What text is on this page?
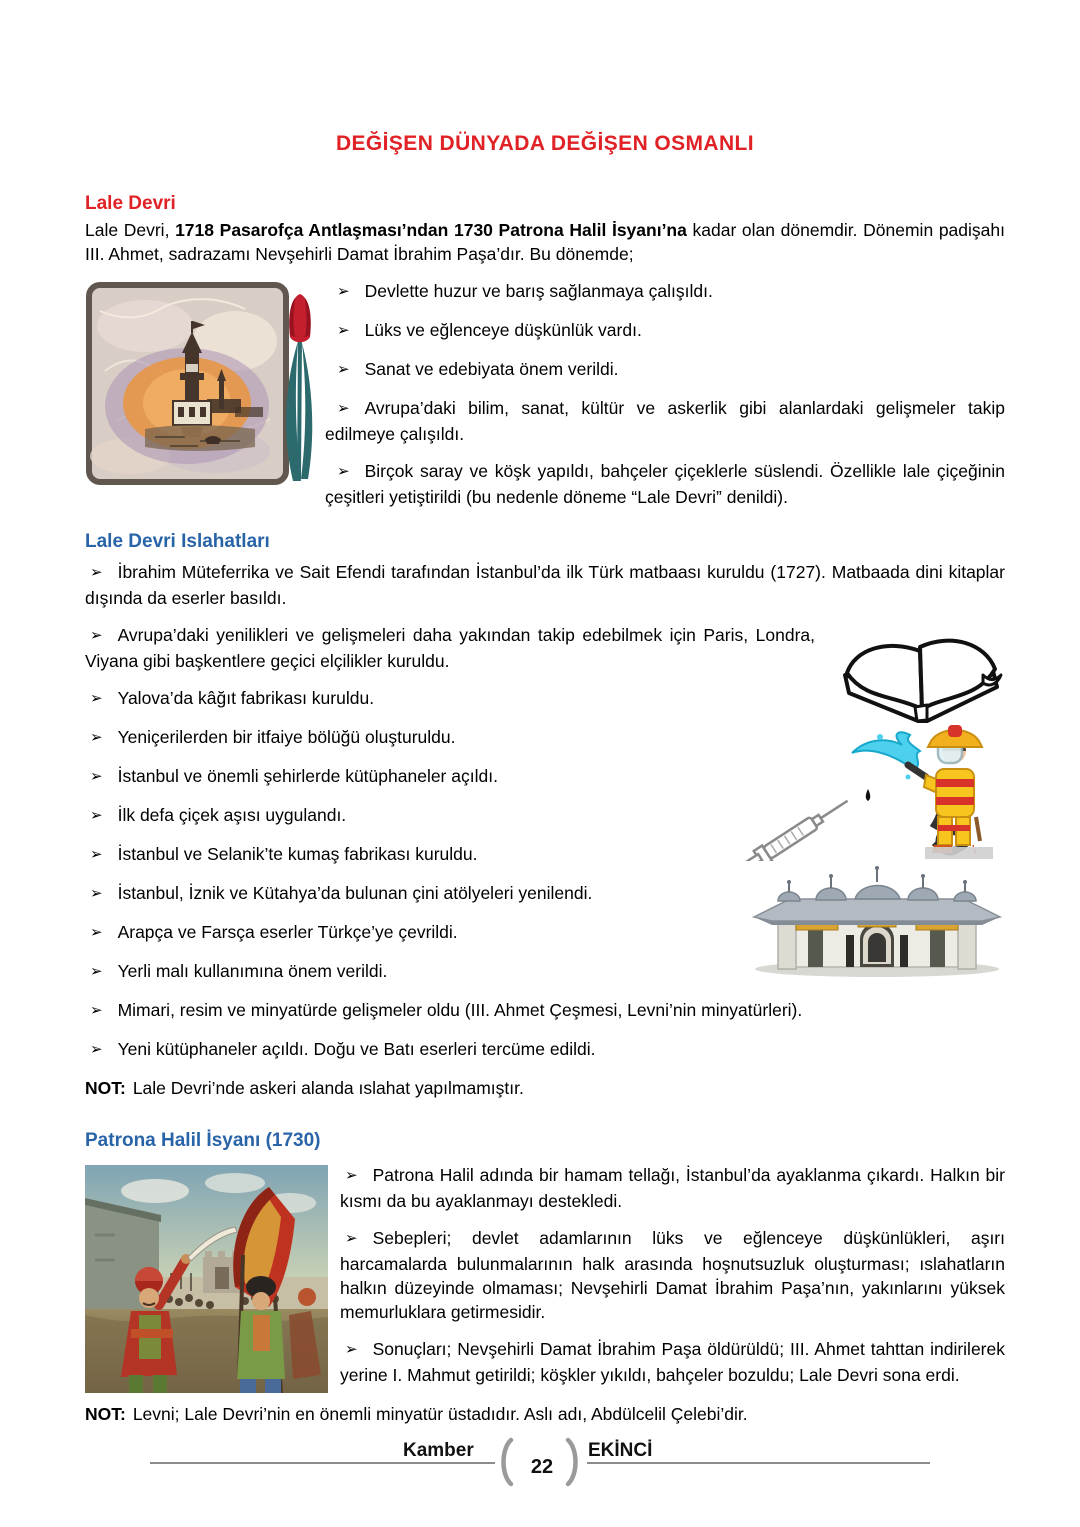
DEĞİŞEN DÜNYADA DEĞİŞEN OSMANLI

Lale Devri

Lale Devri, 1718 Pasarofça Antlaşması’ndan 1730 Patrona Halil İsyanı’na kadar olan dönemdir. Dönemin padişahı III. Ahmet, sadrazamı Nevşehirli Damat İbrahim Paşa’dır. Bu dönemde;

➢ Devlette huzur ve barış sağlanmaya çalışıldı.

➢ Lüks ve eğlenceye düşkünlük vardı.

➢ Sanat ve edebiyata önem verildi.

➢ Avrupa’daki bilim, sanat, kültür ve askerlik gibi alanlardaki gelişmeler takip edilmeye çalışıldı.

➢ Birçok saray ve köşk yapıldı, bahçeler çiçeklerle süslendi. Özellikle lale çiçeğinin çeşitleri yetiştirildi (bu nedenle döneme “Lale Devri” denildi).

Lale Devri Islahatları

➢ İbrahim Müteferrika ve Sait Efendi tarafından İstanbul’da ilk Türk matbaası kuruldu (1727). Matbaada dini kitaplar dışında da eserler basıldı.

➢ Avrupa’daki yenilikleri ve gelişmeleri daha yakından takip edebilmek için Paris, Londra, Viyana gibi başkentlere geçici elçilikler kuruldu.

➢ Yalova’da kâğıt fabrikası kuruldu.

➢ Yeniçerilerden bir itfaiye bölüğü oluşturuldu.

➢ İstanbul ve önemli şehirlerde kütüphaneler açıldı.

➢ İlk defa çiçek aşısı uygulandı.

➢ İstanbul ve Selanik’te kumaş fabrikası kuruldu.

➢ İstanbul, İznik ve Kütahya’da bulunan çini atölyeleri yenilendi.

➢ Arapça ve Farsça eserler Türkçe’ye çevrildi.

➢ Yerli malı kullanımına önem verildi.

➢ Mimari, resim ve minyatürde gelişmeler oldu (III. Ahmet Çeşmesi, Levni’nin minyatürleri).

➢ Yeni kütüphaneler açıldı. Doğu ve Batı eserleri tercüme edildi.

NOT: Lale Devri’nde askeri alanda ıslahat yapılmamıştır.

Patrona Halil İsyanı (1730)

➢ Patrona Halil adında bir hamam tellağı, İstanbul’da ayaklanma çıkardı. Halkın bir kısmı da bu ayaklanmayı destekledi.

➢ Sebepleri; devlet adamlarının lüks ve eğlenceye düşkünlükleri, aşırı harcamalarda bulunmalarının halk arasında hoşnutsuzluk oluşturması; ıslahatların halkın düzeyinde olmaması; Nevşehirli Damat İbrahim Paşa’nın, yakınlarını yüksek memurluklara getirmesidir.

➢ Sonuçları; Nevşehirli Damat İbrahim Paşa öldürüldü; III. Ahmet tahttan indirilerek yerine I. Mahmut getirildi; köşkler yıkıldı, bahçeler bozuldu; Lale Devri sona erdi.

NOT: Levni; Lale Devri’nin en önemli minyatür üstadıdır. Aslı adı, Abdülcelil Çelebi’dir.

Kamber
22
EKİNCİ
